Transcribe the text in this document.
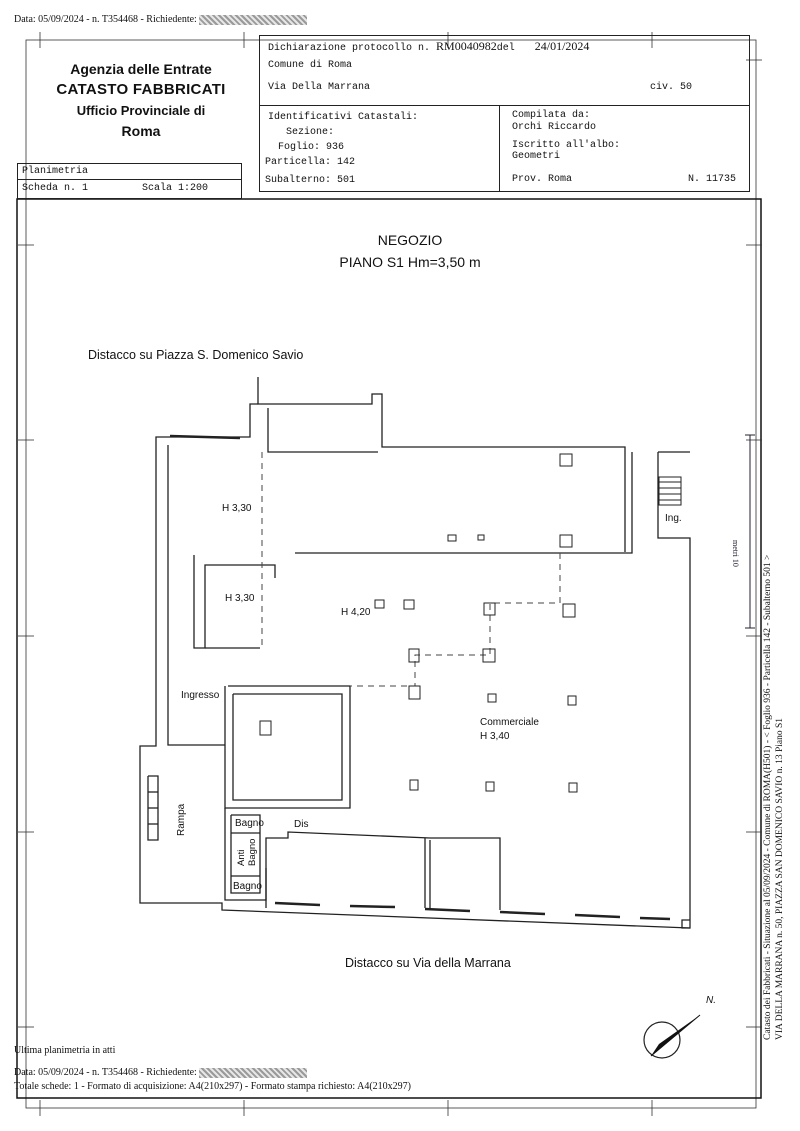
Data: 05/09/2024 - n. T354468 - Richiedente:
Agenzia delle Entrate
CATASTO FABBRICATI
Ufficio Provinciale di
Roma
Planimetria
Scheda n. 1	Scala 1:200
Dichiarazione protocollo n. RM0040982del 24/01/2024
Comune di Roma
Via Della Marrana	civ. 50
Identificativi Catastali:
Sezione:
Foglio: 936
Particella: 142
Subalterno: 501
Compilata da:
Orchi Riccardo
Iscritto all'albo:
Geometri
Prov. Roma	N. 11735
NEGOZIO
PIANO S1 Hm=3,50 m
Distacco su Piazza S. Domenico Savio
Distacco su Via della Marrana
H 3,30
H 3,30
H 4,20
Ingresso
Commerciale
H 3,40
Rampa	Bagno	Dis
Anti Bagno
Bagno
Ing.
N.
metri 10
Catasto dei Fabbricati - Situazione al 05/09/2024 - Comune di ROMA(H501) - < Foglio 936 - Particella 142 - Subalterno 501 > VIA DELLA MARRANA n. 50, PIAZZA SAN DOMENICO SAVIO n. 13 Piano S1
Ultima planimetria in atti
Data: 05/09/2024 - n. T354468 - Richiedente:
Totale schede: 1 - Formato di acquisizione: A4(210x297) - Formato stampa richiesto: A4(210x297)
